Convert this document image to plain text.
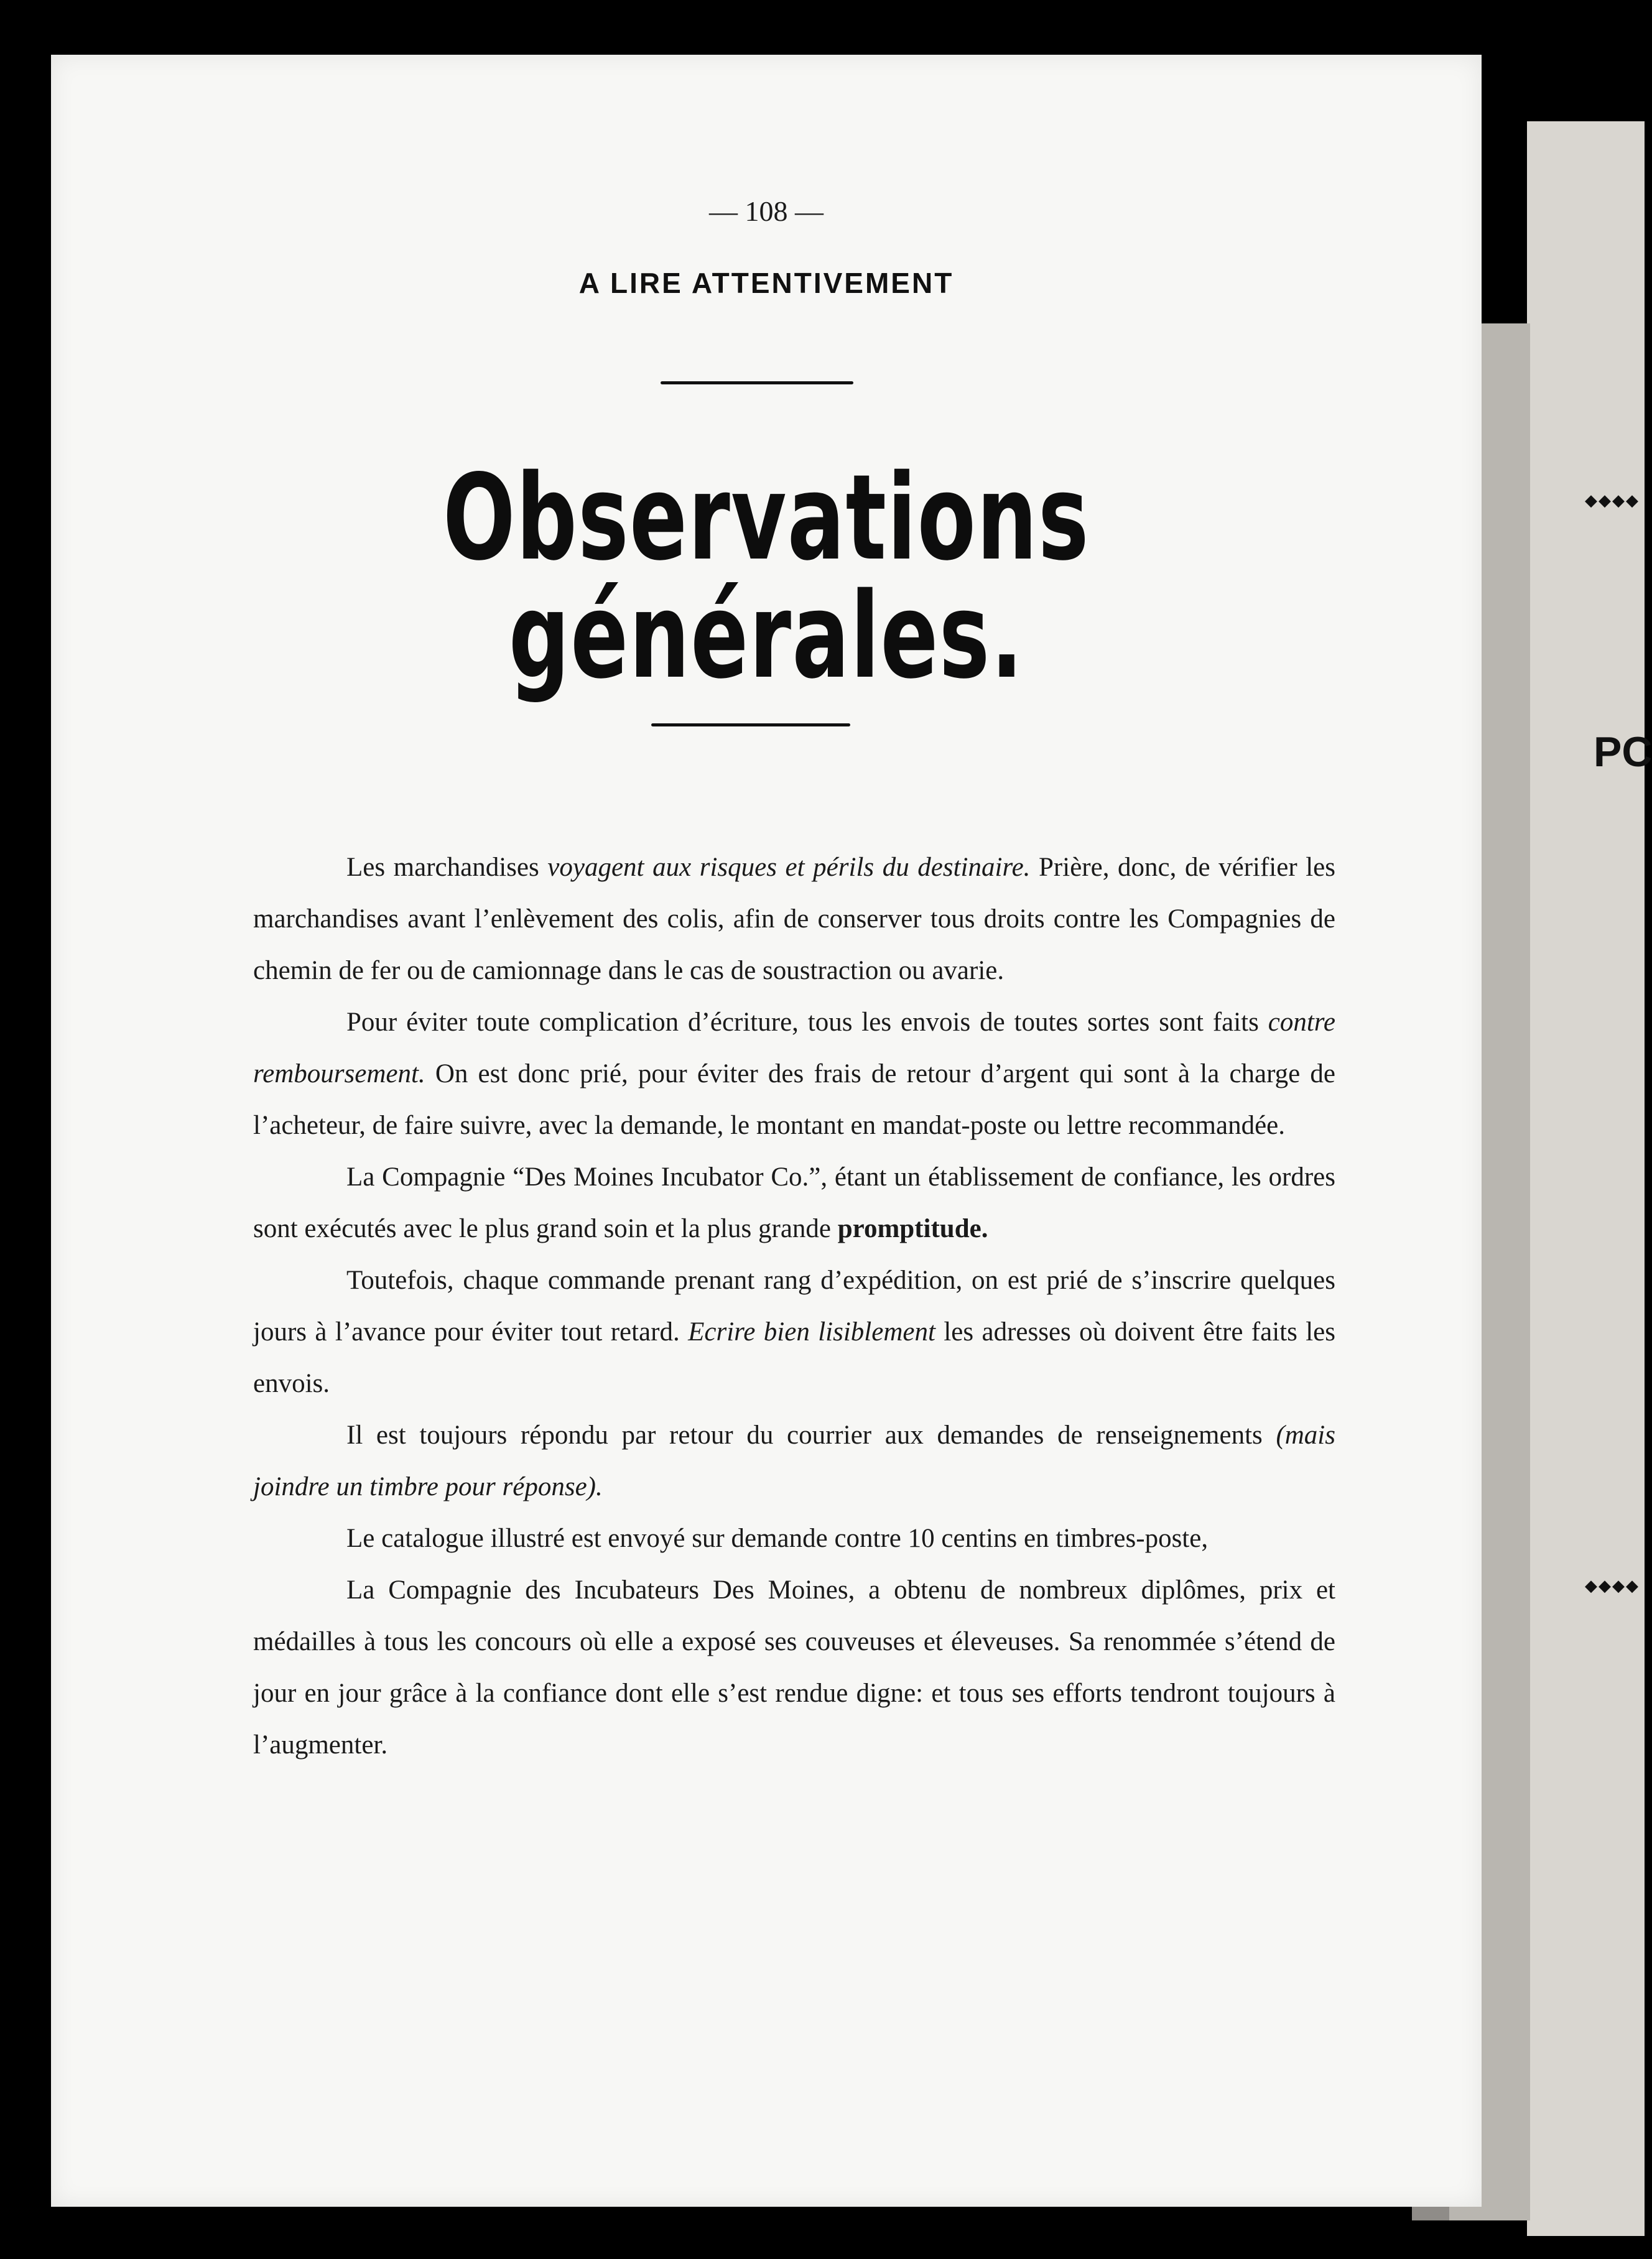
◆◆◆◆
PC
◆◆◆◆
— 108 —
A LIRE ATTENTIVEMENT
Observations générales.

Les marchandises voyagent aux risques et périls du destinaire. Prière, donc, de vérifier les marchandises avant l’enlèvement des colis, afin de conserver tous droits contre les Compagnies de chemin de fer ou de camionnage dans le cas de soustraction ou avarie.

Pour éviter toute complication d’écriture, tous les envois de toutes sortes sont faits contre remboursement. On est donc prié, pour éviter des frais de retour d’argent qui sont à la charge de l’acheteur, de faire suivre, avec la demande, le montant en mandat-poste ou lettre recommandée.

La Compagnie “Des Moines Incubator Co.”, étant un établissement de confiance, les ordres sont exécutés avec le plus grand soin et la plus grande promptitude.

Toutefois, chaque commande prenant rang d’expédition, on est prié de s’inscrire quelques jours à l’avance pour éviter tout retard. Ecrire bien lisiblement les adresses où doivent être faits les envois.

Il est toujours répondu par retour du courrier aux demandes de renseignements (mais joindre un timbre pour réponse).

Le catalogue illustré est envoyé sur demande contre 10 centins en timbres-poste,

La Compagnie des Incubateurs Des Moines, a obtenu de nombreux diplômes, prix et médailles à tous les concours où elle a exposé ses couveuses et éleveuses. Sa renommée s’étend de jour en jour grâce à la confiance dont elle s’est rendue digne: et tous ses efforts tendront toujours à l’augmenter.
